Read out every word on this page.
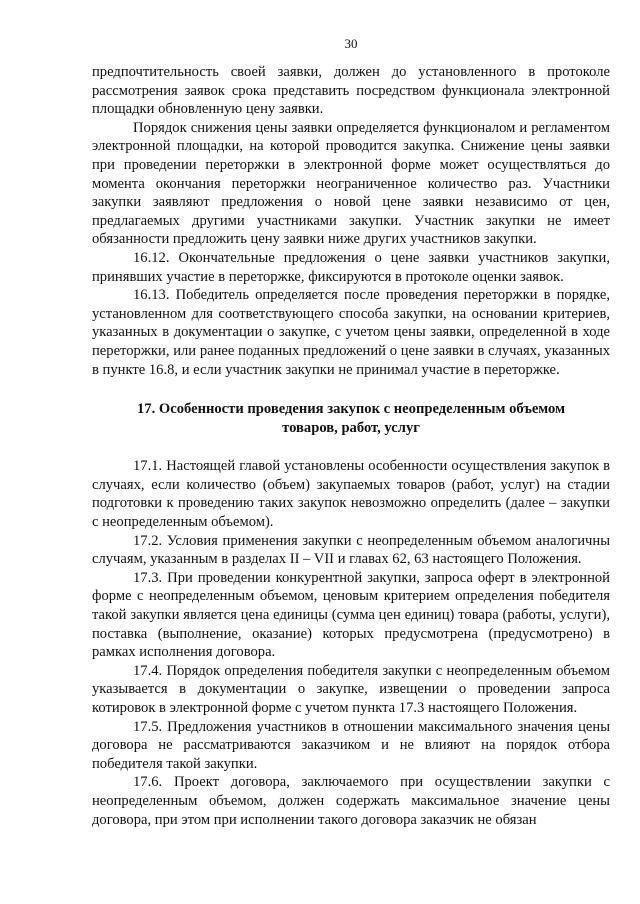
30

предпочтительность своей заявки, должен до установленного в протоколе рассмотрения заявок срока представить посредством функционала электронной площадки обновленную цену заявки.

Порядок снижения цены заявки определяется функционалом и регламентом электронной площадки, на которой проводится закупка. Снижение цены заявки при проведении переторжки в электронной форме может осуществляться до момента окончания переторжки неограниченное количество раз. Участники закупки заявляют предложения о новой цене заявки независимо от цен, предлагаемых другими участниками закупки. Участник закупки не имеет обязанности предложить цену заявки ниже других участников закупки.

16.12. Окончательные предложения о цене заявки участников закупки, принявших участие в переторжке, фиксируются в протоколе оценки заявок.

16.13. Победитель определяется после проведения переторжки в порядке, установленном для соответствующего способа закупки, на основании критериев, указанных в документации о закупке, с учетом цены заявки, определенной в ходе переторжки, или ранее поданных предложений о цене заявки в случаях, указанных в пункте 16.8, и если участник закупки не принимал участие в переторжке.

17. Особенности проведения закупок с неопределенным объемом
товаров, работ, услуг

17.1. Настоящей главой установлены особенности осуществления закупок в случаях, если количество (объем) закупаемых товаров (работ, услуг) на стадии подготовки к проведению таких закупок невозможно определить (далее – закупки с неопределенным объемом).

17.2. Условия применения закупки с неопределенным объемом аналогичны случаям, указанным в разделах II – VII и главах 62, 63 настоящего Положения.

17.3. При проведении конкурентной закупки, запроса оферт в электронной форме с неопределенным объемом, ценовым критерием определения победителя такой закупки является цена единицы (сумма цен единиц) товара (работы, услуги), поставка (выполнение, оказание) которых предусмотрена (предусмотрено) в рамках исполнения договора.

17.4. Порядок определения победителя закупки с неопределенным объемом указывается в документации о закупке, извещении о проведении запроса котировок в электронной форме с учетом пункта 17.3 настоящего Положения.

17.5. Предложения участников в отношении максимального значения цены договора не рассматриваются заказчиком и не влияют на порядок отбора победителя такой закупки.

17.6. Проект договора, заключаемого при осуществлении закупки с неопределенным объемом, должен содержать максимальное значение цены договора, при этом при исполнении такого договора заказчик не обязан
